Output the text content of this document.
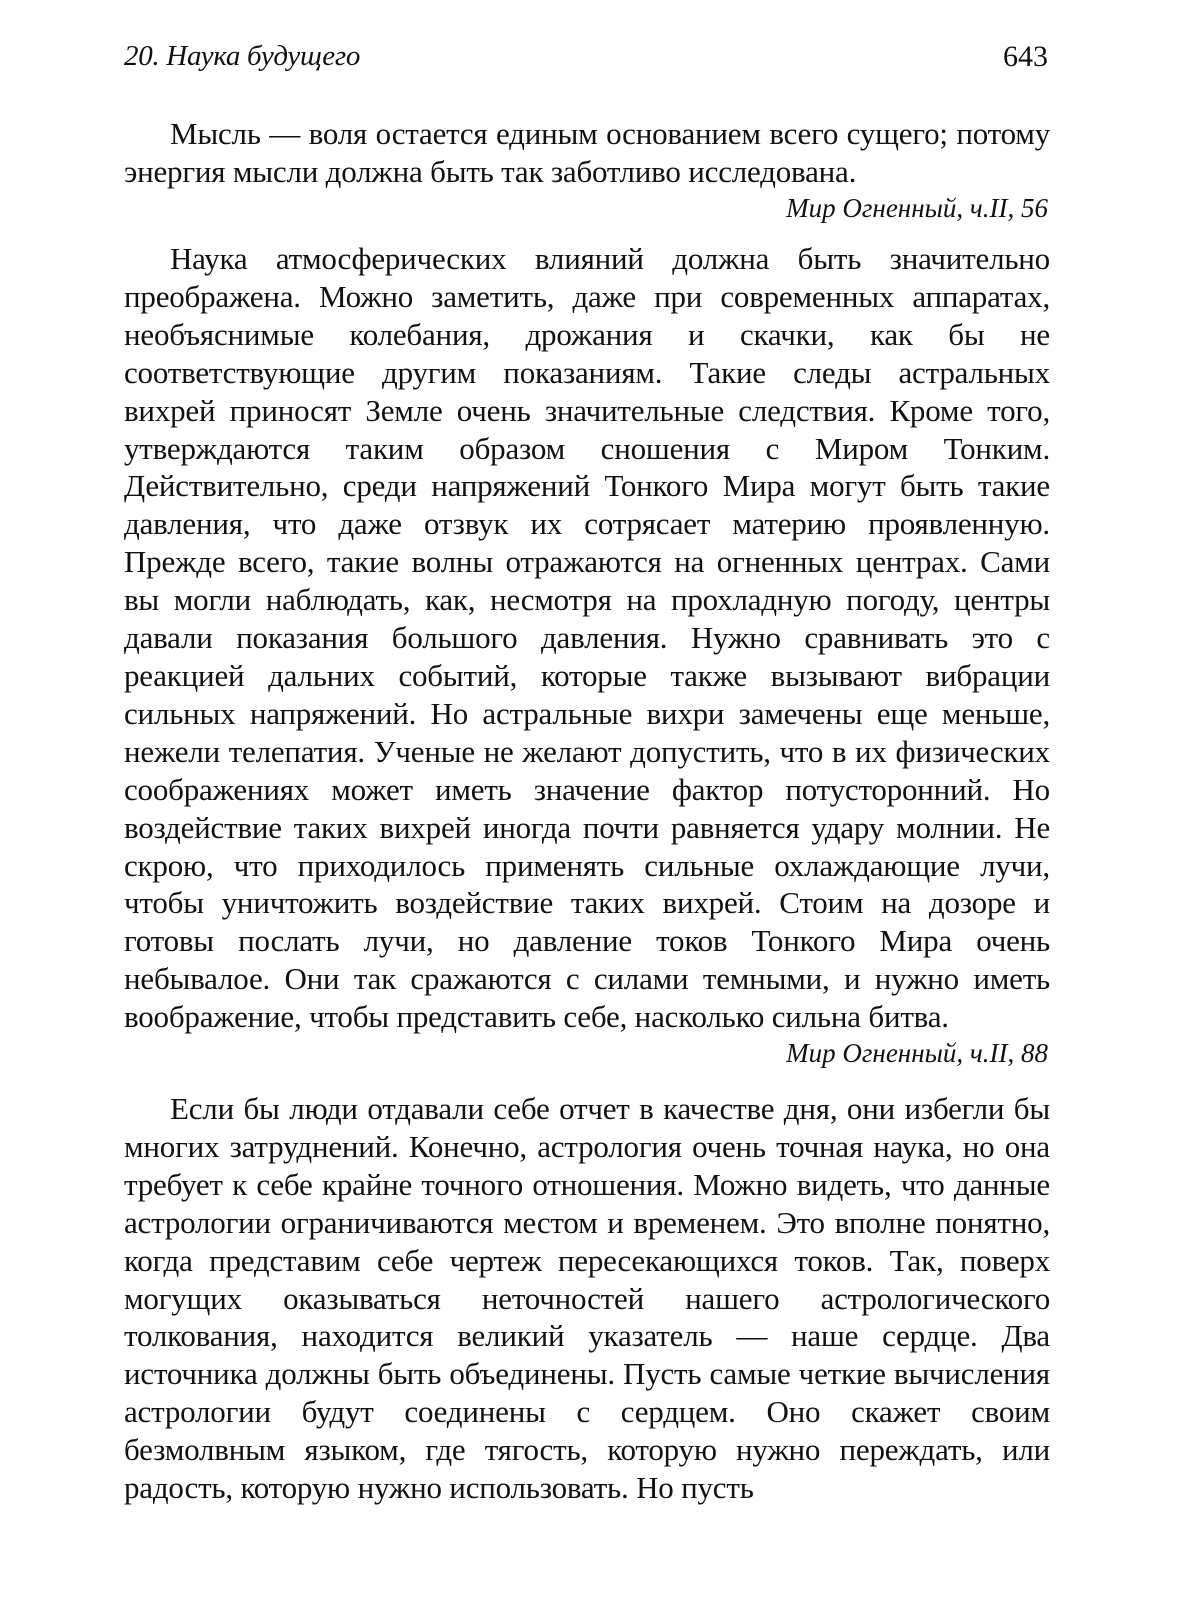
20. Наука будущего	643

Мысль — воля остается единым основанием всего сущего; потому энергия мысли должна быть так заботливо исследована.

Мир Огненный, ч.II, 56

Наука атмосферических влияний должна быть значительно преображена. Можно заметить, даже при современных аппаратах, необъяснимые колебания, дрожания и скачки, как бы не соответствующие другим показаниям. Такие следы астральных вихрей приносят Земле очень значительные следствия. Кроме того, утверждаются таким образом сношения с Миром Тонким. Действительно, среди напряжений Тонкого Мира могут быть такие давления, что даже отзвук их сотрясает материю проявленную. Прежде всего, такие волны отражаются на огненных центрах. Сами вы могли наблюдать, как, несмотря на прохладную погоду, центры давали показания большого давления. Нужно сравнивать это с реакцией дальних событий, которые также вызывают вибрации сильных напряжений. Но астральные вихри замечены еще меньше, нежели телепатия. Ученые не желают допустить, что в их физических соображениях может иметь значение фактор потусторонний. Но воздействие таких вихрей иногда почти равняется удару молнии. Не скрою, что приходилось применять сильные охлаждающие лучи, чтобы уничтожить воздействие таких вихрей. Стоим на дозоре и готовы послать лучи, но давление токов Тонкого Мира очень небывалое. Они так сражаются с силами темными, и нужно иметь воображение, чтобы представить себе, насколько сильна битва.

Мир Огненный, ч.II, 88

Если бы люди отдавали себе отчет в качестве дня, они избегли бы многих затруднений. Конечно, астрология очень точная наука, но она требует к себе крайне точного отношения. Можно видеть, что данные астрологии ограничиваются местом и временем. Это вполне понятно, когда представим себе чертеж пересекающихся токов. Так, поверх могущих оказываться неточностей нашего астрологического толкования, находится великий указатель — наше сердце. Два источника должны быть объединены. Пусть самые четкие вычисления астрологии будут соединены с сердцем. Оно скажет своим безмолвным языком, где тягость, которую нужно переждать, или радость, которую нужно использовать. Но пусть
